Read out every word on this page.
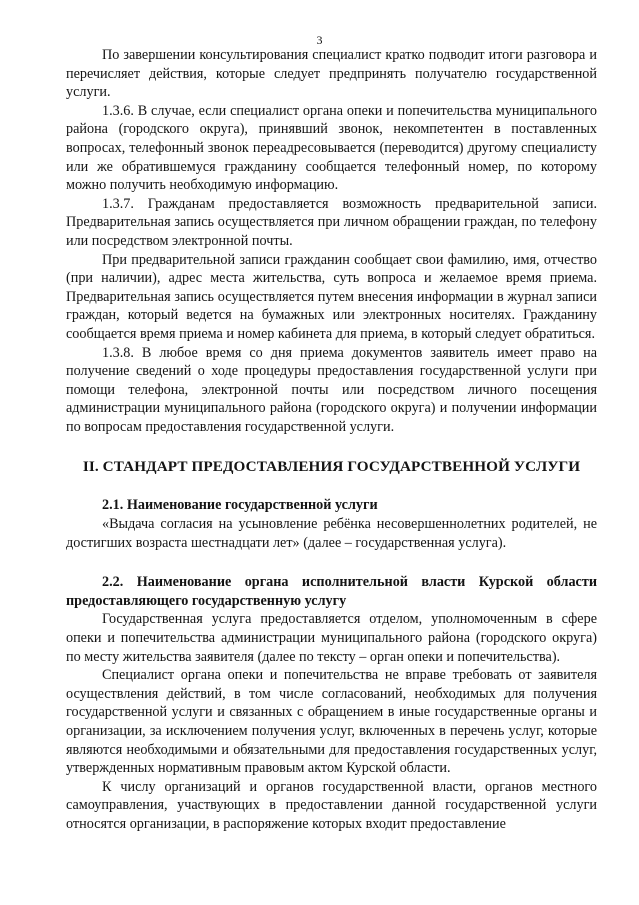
3

По завершении консультирования специалист кратко подводит итоги разговора и перечисляет действия, которые следует предпринять получателю государственной услуги.

1.3.6. В случае, если специалист органа опеки и попечительства муниципального района (городского округа), принявший звонок, некомпетентен в поставленных вопросах, телефонный звонок переадресовывается (переводится) другому специалисту или же обратившемуся гражданину сообщается телефонный номер, по которому можно получить необходимую информацию.

1.3.7. Гражданам предоставляется возможность предварительной записи. Предварительная запись осуществляется при личном обращении граждан, по телефону или посредством электронной почты.

При предварительной записи гражданин сообщает свои фамилию, имя, отчество (при наличии), адрес места жительства, суть вопроса и желаемое время приема. Предварительная запись осуществляется путем внесения информации в журнал записи граждан, который ведется на бумажных или электронных носителях. Гражданину сообщается время приема и номер кабинета для приема, в который следует обратиться.

1.3.8. В любое время со дня приема документов заявитель имеет право на получение сведений о ходе процедуры предоставления государственной услуги при помощи телефона, электронной почты или посредством личного посещения администрации муниципального района (городского округа) и получении информации по вопросам предоставления государственной услуги.

II. СТАНДАРТ ПРЕДОСТАВЛЕНИЯ ГОСУДАРСТВЕННОЙ УСЛУГИ
2.1. Наименование государственной услуги

«Выдача согласия на усыновление ребёнка несовершеннолетних родителей, не достигших возраста шестнадцати лет» (далее – государственная услуга).

2.2. Наименование органа исполнительной власти Курской области предоставляющего государственную услугу

Государственная услуга предоставляется отделом, уполномоченным в сфере опеки и попечительства администрации муниципального района (городского округа) по месту жительства заявителя (далее по тексту – орган опеки и попечительства).

Специалист органа опеки и попечительства не вправе требовать от заявителя осуществления действий, в том числе согласований, необходимых для получения государственной услуги и связанных с обращением в иные государственные органы и организации, за исключением получения услуг, включенных в перечень услуг, которые являются необходимыми и обязательными для предоставления государственных услуг, утвержденных нормативным правовым актом Курской области.

К числу организаций и органов государственной власти, органов местного самоуправления, участвующих в предоставлении данной государственной услуги относятся организации, в распоряжение которых входит предоставление
